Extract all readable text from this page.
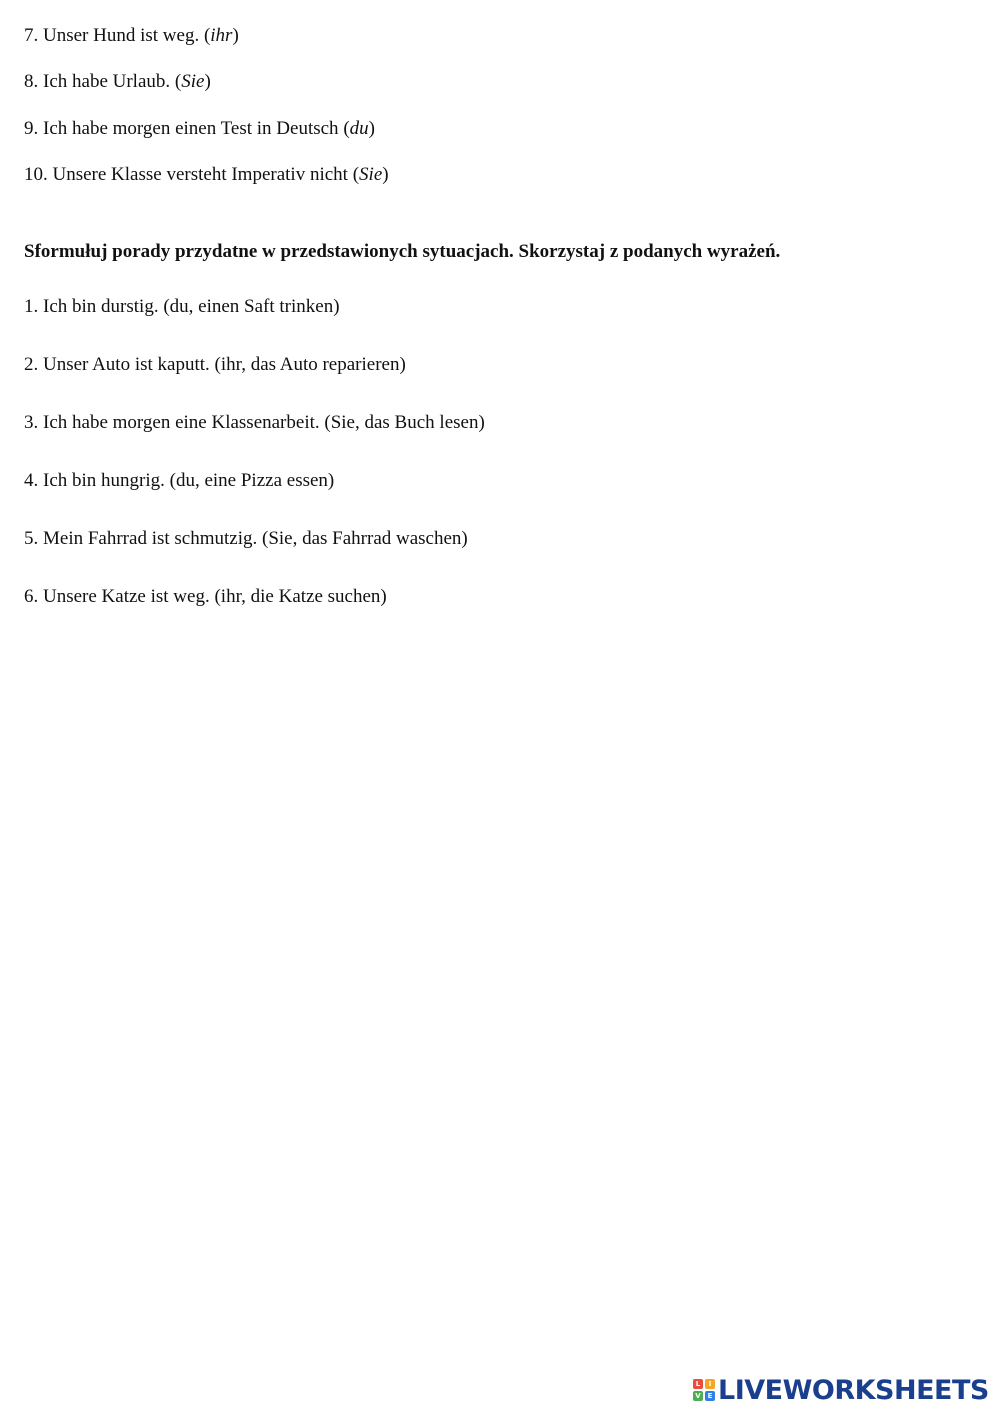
7. Unser Hund ist weg. (ihr)
8. Ich habe Urlaub. (Sie)
9. Ich habe morgen einen Test in Deutsch (du)
10. Unsere Klasse versteht Imperativ nicht (Sie)
Sformułuj porady przydatne w przedstawionych sytuacjach. Skorzystaj z podanych wyrażeń.
1. Ich bin durstig. (du, einen Saft trinken)
2. Unser Auto ist kaputt. (ihr, das Auto reparieren)
3. Ich habe morgen eine Klassenarbeit. (Sie, das Buch lesen)
4. Ich bin hungrig. (du, eine Pizza essen)
5. Mein Fahrrad ist schmutzig. (Sie, das Fahrrad waschen)
6. Unsere Katze ist weg. (ihr, die Katze suchen)
L	I
V E LIVEWORKSHEETS
